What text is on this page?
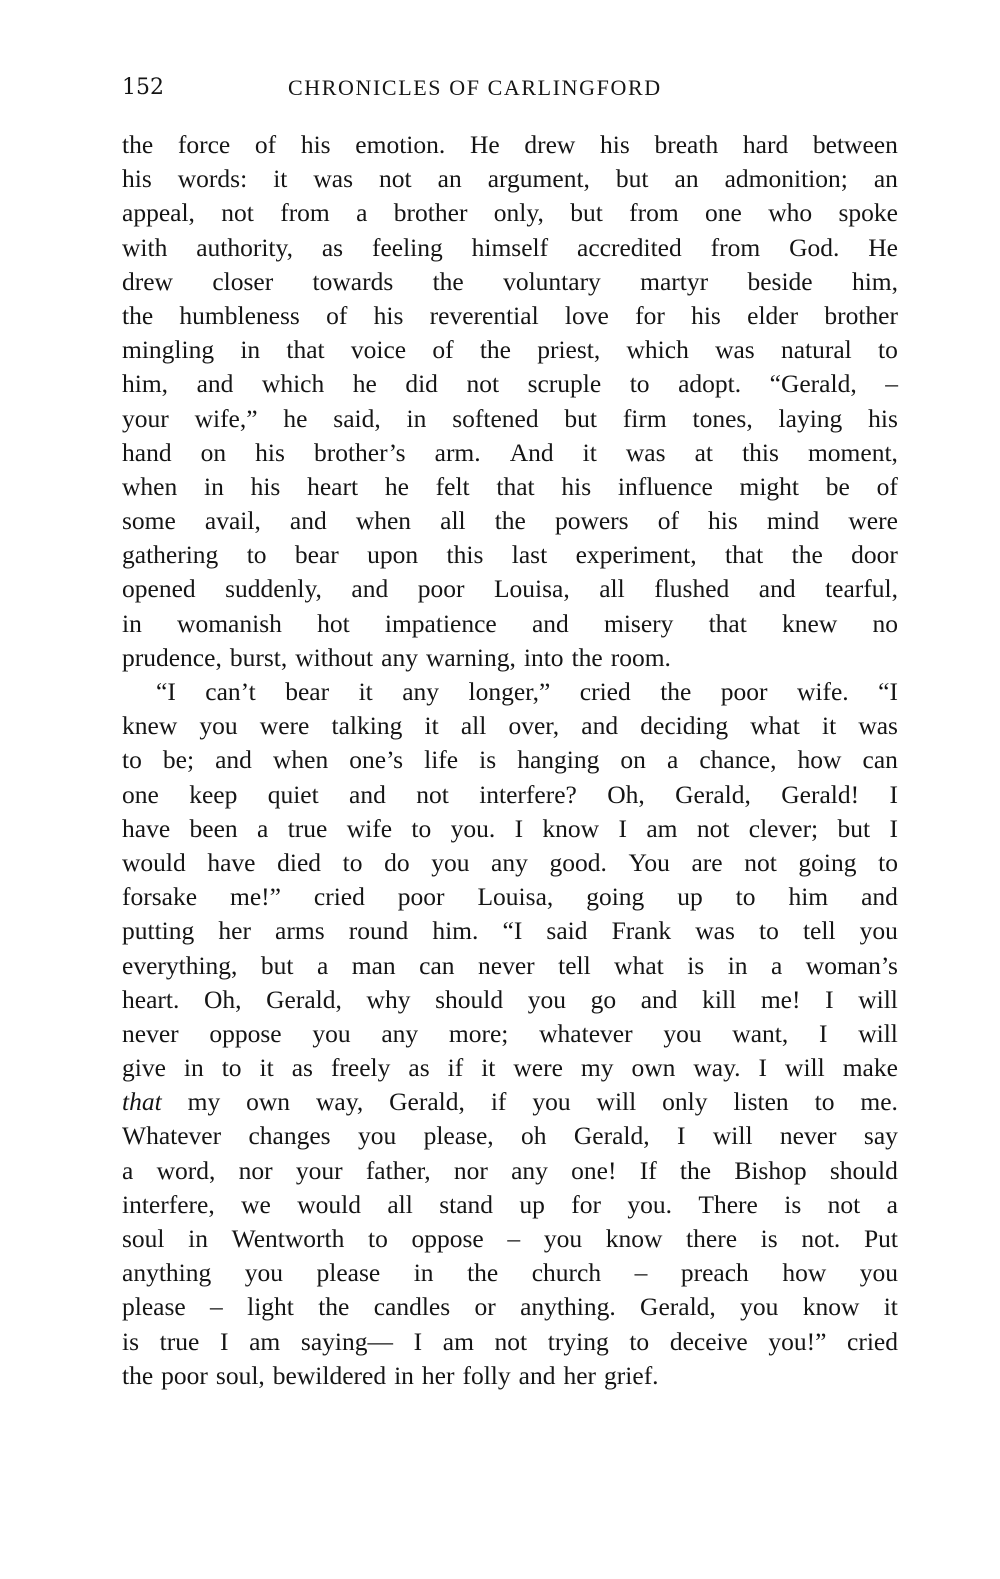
152	CHRONICLES OF CARLINGFORD
the force of his emotion. He drew his breath hard between
his words: it was not an argument, but an admonition; an
appeal, not from a brother only, but from one who spoke
with authority, as feeling himself accredited from God. He
drew closer towards the voluntary martyr beside him,
the humbleness of his reverential love for his elder brother
mingling in that voice of the priest, which was natural to
him, and which he did not scruple to adopt. “Gerald, –
your wife,” he said, in softened but firm tones, laying his
hand on his brother’s arm. And it was at this moment,
when in his heart he felt that his influence might be of
some avail, and when all the powers of his mind were
gathering to bear upon this last experiment, that the door
opened suddenly, and poor Louisa, all flushed and tearful,
in womanish hot impatience and misery that knew no
prudence, burst, without any warning, into the room.
“I can’t bear it any longer,” cried the poor wife. “I
knew you were talking it all over, and deciding what it was
to be; and when one’s life is hanging on a chance, how can
one keep quiet and not interfere? Oh, Gerald, Gerald! I
have been a true wife to you. I know I am not clever; but I
would have died to do you any good. You are not going to
forsake me!” cried poor Louisa, going up to him and
putting her arms round him. “I said Frank was to tell you
everything, but a man can never tell what is in a woman’s
heart. Oh, Gerald, why should you go and kill me! I will
never oppose you any more; whatever you want, I will
give in to it as freely as if it were my own way. I will make
that my own way, Gerald, if you will only listen to me.
Whatever changes you please, oh Gerald, I will never say
a word, nor your father, nor any one! If the Bishop should
interfere, we would all stand up for you. There is not a
soul in Wentworth to oppose – you know there is not. Put
anything you please in the church – preach how you
please – light the candles or anything. Gerald, you know it
is true I am saying— I am not trying to deceive you!” cried
the poor soul, bewildered in her folly and her grief.
